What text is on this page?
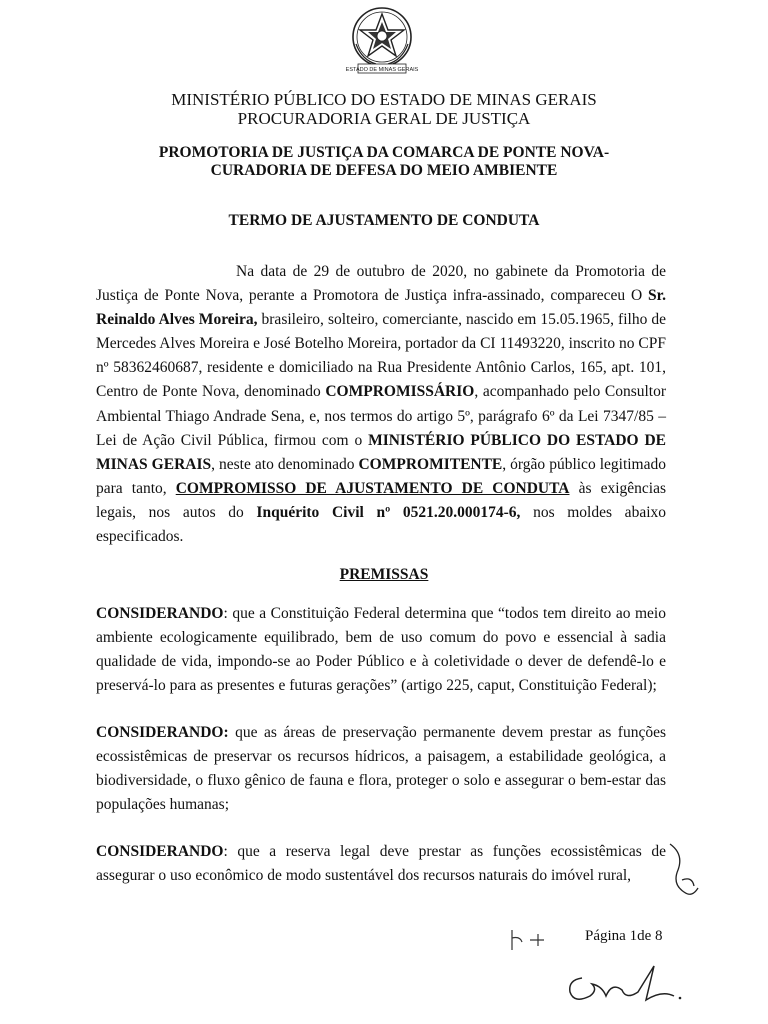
ESTADO DE MINAS GERAIS
MINISTÉRIO PÚBLICO DO ESTADO DE MINAS GERAIS
PROCURADORIA GERAL DE JUSTIÇA
PROMOTORIA DE JUSTIÇA DA COMARCA DE PONTE NOVA-
CURADORIA DE DEFESA DO MEIO AMBIENTE
TERMO DE AJUSTAMENTO DE CONDUTA
Na data de 29 de outubro de 2020, no gabinete da Promotoria de Justiça de Ponte Nova, perante a Promotora de Justiça infra-assinado, compareceu O Sr. Reinaldo Alves Moreira, brasileiro, solteiro, comerciante, nascido em 15.05.1965, filho de Mercedes Alves Moreira e José Botelho Moreira, portador da CI 11493220, inscrito no CPF nº 58362460687, residente e domiciliado na Rua Presidente Antônio Carlos, 165, apt. 101, Centro de Ponte Nova, denominado COMPROMISSÁRIO, acompanhado pelo Consultor Ambiental Thiago Andrade Sena, e, nos termos do artigo 5º, parágrafo 6º da Lei 7347/85 – Lei de Ação Civil Pública, firmou com o MINISTÉRIO PÚBLICO DO ESTADO DE MINAS GERAIS, neste ato denominado COMPROMITENTE, órgão público legitimado para tanto, COMPROMISSO DE AJUSTAMENTO DE CONDUTA às exigências legais, nos autos do Inquérito Civil nº 0521.20.000174-6, nos moldes abaixo especificados.
PREMISSAS
CONSIDERANDO: que a Constituição Federal determina que “todos tem direito ao meio ambiente ecologicamente equilibrado, bem de uso comum do povo e essencial à sadia qualidade de vida, impondo-se ao Poder Público e à coletividade o dever de defendê-lo e preservá-lo para as presentes e futuras gerações” (artigo 225, caput, Constituição Federal);
CONSIDERANDO: que as áreas de preservação permanente devem prestar as funções ecossistêmicas de preservar os recursos hídricos, a paisagem, a estabilidade geológica, a biodiversidade, o fluxo gênico de fauna e flora, proteger o solo e assegurar o bem-estar das populações humanas;
CONSIDERANDO: que a reserva legal deve prestar as funções ecossistêmicas de assegurar o uso econômico de modo sustentável dos recursos naturais do imóvel rural,
Página 1de 8
